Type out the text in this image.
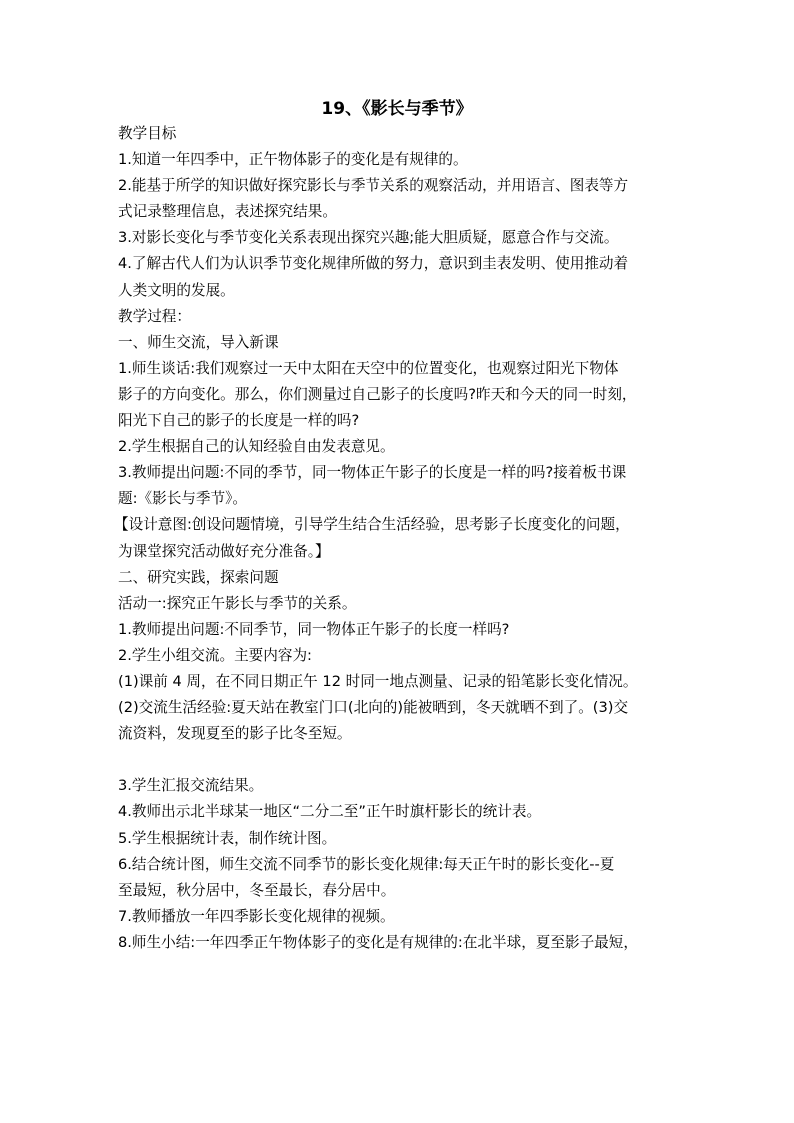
19、《影长与季节》
教学目标
1.知道一年四季中，正午物体影子的变化是有规律的。
2.能基于所学的知识做好探究影长与季节关系的观察活动，并用语言、图表等方
式记录整理信息，表述探究结果。
3.对影长变化与季节变化关系表现出探究兴趣;能大胆质疑，愿意合作与交流。
4.了解古代人们为认识季节变化规律所做的努力，意识到圭表发明、使用推动着
人类文明的发展。
教学过程：
一、师生交流，导入新课
1.师生谈话:我们观察过一天中太阳在天空中的位置变化，也观察过阳光下物体
影子的方向变化。那么，你们测量过自己影子的长度吗?昨天和今天的同一时刻，
阳光下自己的影子的长度是一样的吗?
2.学生根据自己的认知经验自由发表意见。
3.教师提出问题:不同的季节，同一物体正午影子的长度是一样的吗?接着板书课
题:《影长与季节》。
【设计意图:创设问题情境，引导学生结合生活经验，思考影子长度变化的问题，
为课堂探究活动做好充分准备。】
二、研究实践，探索问题
活动一:探究正午影长与季节的关系。
1.教师提出问题:不同季节，同一物体正午影子的长度一样吗?
2.学生小组交流。主要内容为:
(1)课前 4 周，在不同日期正午 12 时同一地点测量、记录的铅笔影长变化情况。
(2)交流生活经验:夏天站在教室门口(北向的)能被晒到，冬天就晒不到了。(3)交
流资料，发现夏至的影子比冬至短。
3.学生汇报交流结果。
4.教师出示北半球某一地区“二分二至”正午时旗杆影长的统计表。
5.学生根据统计表，制作统计图。
6.结合统计图，师生交流不同季节的影长变化规律:每天正午时的影长变化--夏
至最短，秋分居中，冬至最长，春分居中。
7.教师播放一年四季影长变化规律的视频。
8.师生小结:一年四季正午物体影子的变化是有规律的:在北半球，夏至影子最短，
